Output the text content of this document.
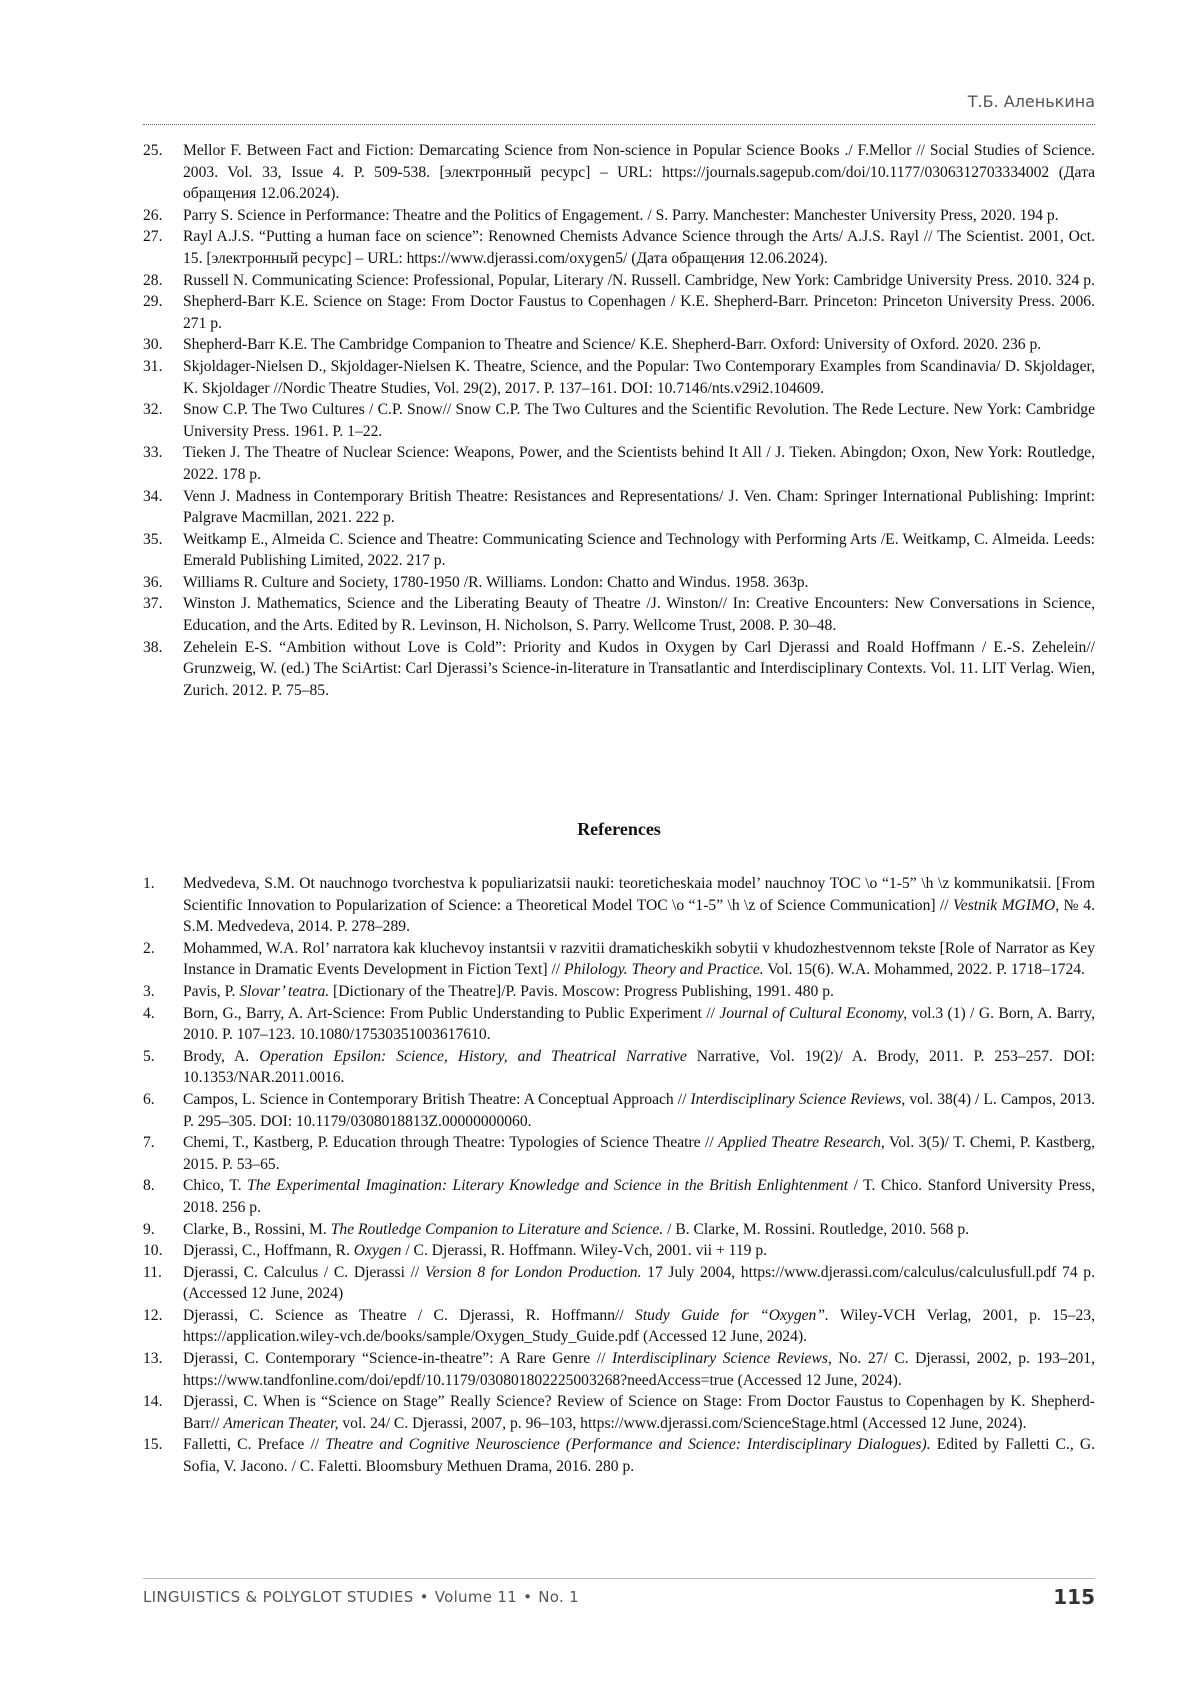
Т.Б. Аленькина
25.	Mellor F. Between Fact and Fiction: Demarcating Science from Non-science in Popular Science Books ./ F.Mellor // Social Studies of Science. 2003. Vol. 33, Issue 4. P. 509-538. [электронный ресурс] – URL: https://journals.sagepub.com/doi/10.1177/0306312703334002 (Дата обращения 12.06.2024).
26.	Parry S. Science in Performance: Theatre and the Politics of Engagement. / S. Parry. Manchester: Manchester University Press, 2020. 194 p.
27.	Rayl A.J.S. “Putting a human face on science”: Renowned Chemists Advance Science through the Arts/ A.J.S. Rayl // The Scientist. 2001, Oct. 15. [электронный ресурс] – URL: https://www.djerassi.com/oxygen5/ (Дата обращения 12.06.2024).
28.	Russell N. Communicating Science: Professional, Popular, Literary /N. Russell. Cambridge, New York: Cambridge University Press. 2010. 324 p.
29.	Shepherd-Barr K.E. Science on Stage: From Doctor Faustus to Copenhagen / K.E. Shepherd-Barr. Princeton: Princeton University Press. 2006. 271 p.
30.	Shepherd-Barr K.E. The Cambridge Companion to Theatre and Science/ K.E. Shepherd-Barr. Oxford: University of Oxford. 2020. 236 p.
31.	Skjoldager-Nielsen D., Skjoldager-Nielsen K. Theatre, Science, and the Popular: Two Contemporary Examples from Scandinavia/ D. Skjoldager, K. Skjoldager //Nordic Theatre Studies, Vol. 29(2), 2017. P. 137–161. DOI: 10.7146/nts.v29i2.104609.
32.	Snow C.P. The Two Cultures / C.P. Snow// Snow C.P. The Two Cultures and the Scientific Revolution. The Rede Lecture. New York: Cambridge University Press. 1961. P. 1–22.
33.	Tieken J. The Theatre of Nuclear Science: Weapons, Power, and the Scientists behind It All / J. Tieken. Abingdon; Oxon, New York: Routledge, 2022. 178 p.
34.	Venn J. Madness in Contemporary British Theatre: Resistances and Representations/ J. Ven. Cham: Springer International Publishing: Imprint: Palgrave Macmillan, 2021. 222 p.
35.	Weitkamp E., Almeida C. Science and Theatre: Communicating Science and Technology with Performing Arts /E. Weitkamp, C. Almeida. Leeds: Emerald Publishing Limited, 2022. 217 p.
36.	Williams R. Culture and Society, 1780-1950 /R. Williams. London: Chatto and Windus. 1958. 363p.
37.	Winston J. Mathematics, Science and the Liberating Beauty of Theatre /J. Winston// In: Creative Encounters: New Conversations in Science, Education, and the Arts. Edited by R. Levinson, H. Nicholson, S. Parry. Wellcome Trust, 2008. P. 30–48.
38.	Zehelein E-S. “Ambition without Love is Cold”: Priority and Kudos in Oxygen by Carl Djerassi and Roald Hoffmann / E.-S. Zehelein// Grunzweig, W. (ed.) The SciArtist: Carl Djerassi’s Science-in-literature in Transatlantic and Interdisciplinary Contexts. Vol. 11. LIT Verlag. Wien, Zurich. 2012. P. 75–85.
References
1.	Medvedeva, S.M. Ot nauchnogo tvorchestva k populiarizatsii nauki: teoreticheskaia model’ nauchnoy TOC \o “1-5” \h \z kommunikatsii. [From Scientific Innovation to Popularization of Science: a Theoretical Model TOC \o “1-5” \h \z of Science Communication] // Vestnik MGIMO, № 4. S.M. Medvedeva, 2014. P. 278–289.
2.	Mohammed, W.A. Rol’ narratora kak kluchevoy instantsii v razvitii dramaticheskikh sobytii v khudozhestvennom tekste [Role of Narrator as Key Instance in Dramatic Events Development in Fiction Text] // Philology. Theory and Practice. Vol. 15(6). W.A. Mohammed, 2022. P. 1718–1724.
3.	Pavis, P. Slovar’ teatra. [Dictionary of the Theatre]/P. Pavis. Moscow: Progress Publishing, 1991. 480 p.
4.	Born, G., Barry, A. Art-Science: From Public Understanding to Public Experiment // Journal of Cultural Economy, vol.3 (1) / G. Born, A. Barry, 2010. P. 107–123. 10.1080/17530351003617610.
5.	Brody, A. Operation Epsilon: Science, History, and Theatrical Narrative Narrative, Vol. 19(2)/ A. Brody, 2011. P. 253–257. DOI: 10.1353/NAR.2011.0016.
6.	Campos, L. Science in Contemporary British Theatre: A Conceptual Approach // Interdisciplinary Science Reviews, vol. 38(4) / L. Campos, 2013. P. 295–305. DOI: 10.1179/0308018813Z.00000000060.
7.	Chemi, T., Kastberg, P. Education through Theatre: Typologies of Science Theatre // Applied Theatre Research, Vol. 3(5)/ T. Chemi, P. Kastberg, 2015. P. 53–65.
8.	Chico, T. The Experimental Imagination: Literary Knowledge and Science in the British Enlightenment / T. Chico. Stanford University Press, 2018. 256 p.
9.	Clarke, B., Rossini, M. The Routledge Companion to Literature and Science. / B. Clarke, M. Rossini. Routledge, 2010. 568 p.
10.	Djerassi, C., Hoffmann, R. Oxygen / C. Djerassi, R. Hoffmann. Wiley-Vch, 2001. vii + 119 p.
11.	Djerassi, C. Calculus / C. Djerassi // Version 8 for London Production. 17 July 2004, https://www.djerassi.com/calculus/calculusfull.pdf 74 p. (Accessed 12 June, 2024)
12.	Djerassi, C. Science as Theatre / C. Djerassi, R. Hoffmann// Study Guide for “Oxygen”. Wiley-VCH Verlag, 2001, p. 15–23, https://application.wiley-vch.de/books/sample/Oxygen_Study_Guide.pdf (Accessed 12 June, 2024).
13.	Djerassi, C. Contemporary “Science-in-theatre”: A Rare Genre // Interdisciplinary Science Reviews, No. 27/ C. Djerassi, 2002, p. 193–201, https://www.tandfonline.com/doi/epdf/10.1179/030801802225003268?needAccess=true (Accessed 12 June, 2024).
14.	Djerassi, C. When is “Science on Stage” Really Science? Review of Science on Stage: From Doctor Faustus to Copenhagen by K. Shepherd-Barr// American Theater, vol. 24/ C. Djerassi, 2007, p. 96–103, https://www.djerassi.com/ScienceStage.html (Accessed 12 June, 2024).
15.	Falletti, C. Preface // Theatre and Cognitive Neuroscience (Performance and Science: Interdisciplinary Dialogues). Edited by Falletti C., G. Sofia, V. Jacono. / C. Faletti. Bloomsbury Methuen Drama, 2016. 280 p.
LINGUISTICS & POLYGLOT STUDIES • Volume 11 • No. 1	115
